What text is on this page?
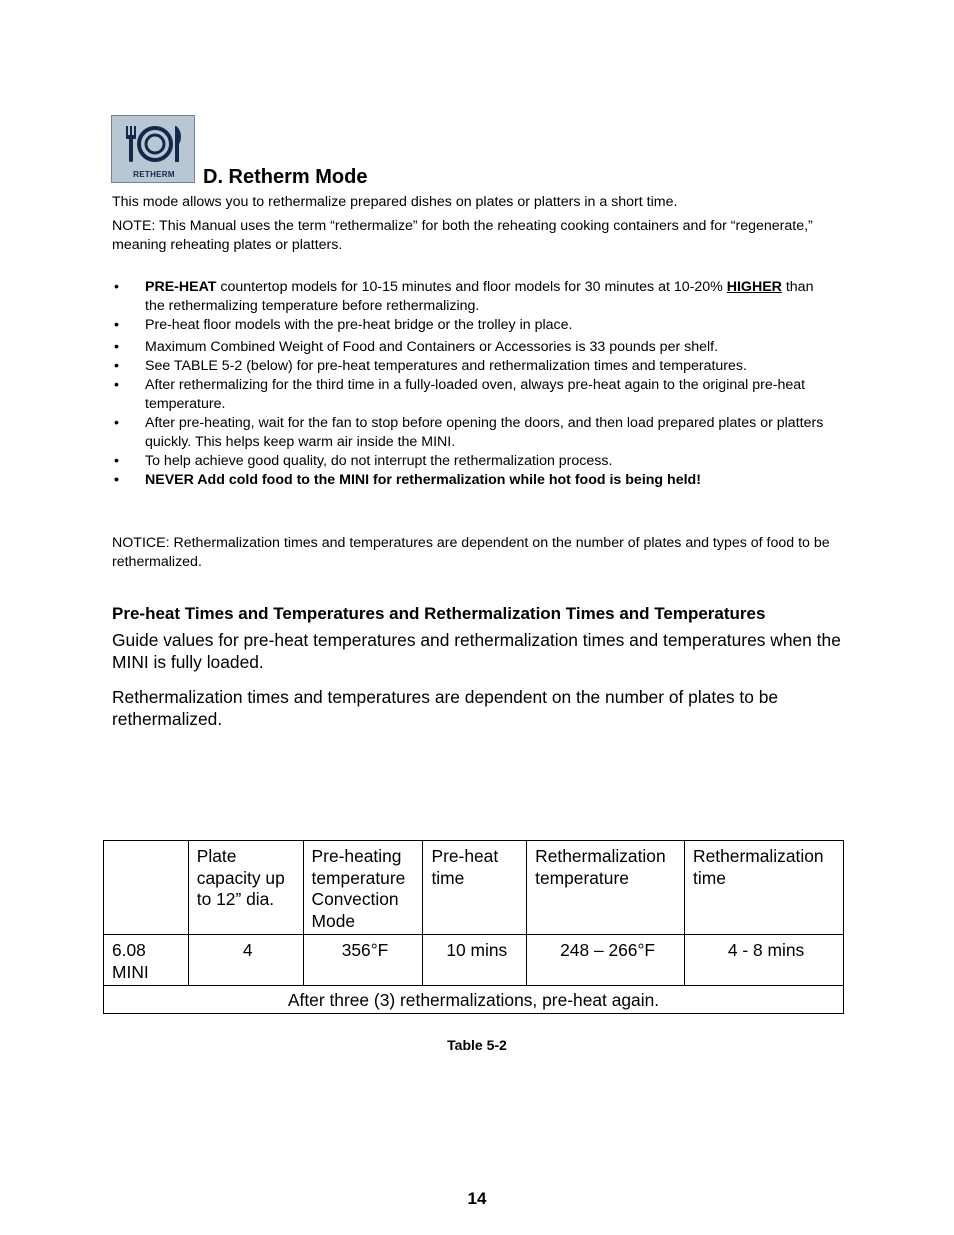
RETHERM	D. Retherm Mode
This mode allows you to rethermalize prepared dishes on plates or platters in a short time.
NOTE: This Manual uses the term “rethermalize” for both the reheating cooking containers and for “regenerate,” meaning reheating plates or platters.
• PRE-HEAT countertop models for 10-15 minutes and floor models for 30 minutes at 10-20% HIGHER than the rethermalizing temperature before rethermalizing.
• Pre-heat floor models with the pre-heat bridge or the trolley in place.
• Maximum Combined Weight of Food and Containers or Accessories is 33 pounds per shelf.
• See TABLE 5-2 (below) for pre-heat temperatures and rethermalization times and temperatures.
• After rethermalizing for the third time in a fully-loaded oven, always pre-heat again to the original pre-heat temperature.
• After pre-heating, wait for the fan to stop before opening the doors, and then load prepared plates or platters quickly. This helps keep warm air inside the MINI.
• To help achieve good quality, do not interrupt the rethermalization process.
• NEVER Add cold food to the MINI for rethermalization while hot food is being held!
NOTICE: Rethermalization times and temperatures are dependent on the number of plates and types of food to be rethermalized.
Pre-heat Times and Temperatures and Rethermalization Times and Temperatures
Guide values for pre-heat temperatures and rethermalization times and temperatures when the MINI is fully loaded.
Rethermalization times and temperatures are dependent on the number of plates to be rethermalized.
	Plate capacity up to 12” dia.	Pre-heating temperature Convection Mode	Pre-heat time	Rethermalization temperature	Rethermalization time
6.08 MINI	4	356°F	10 mins	248 – 266°F	4 - 8 mins
After three (3) rethermalizations, pre-heat again.					
Table 5-2
14
